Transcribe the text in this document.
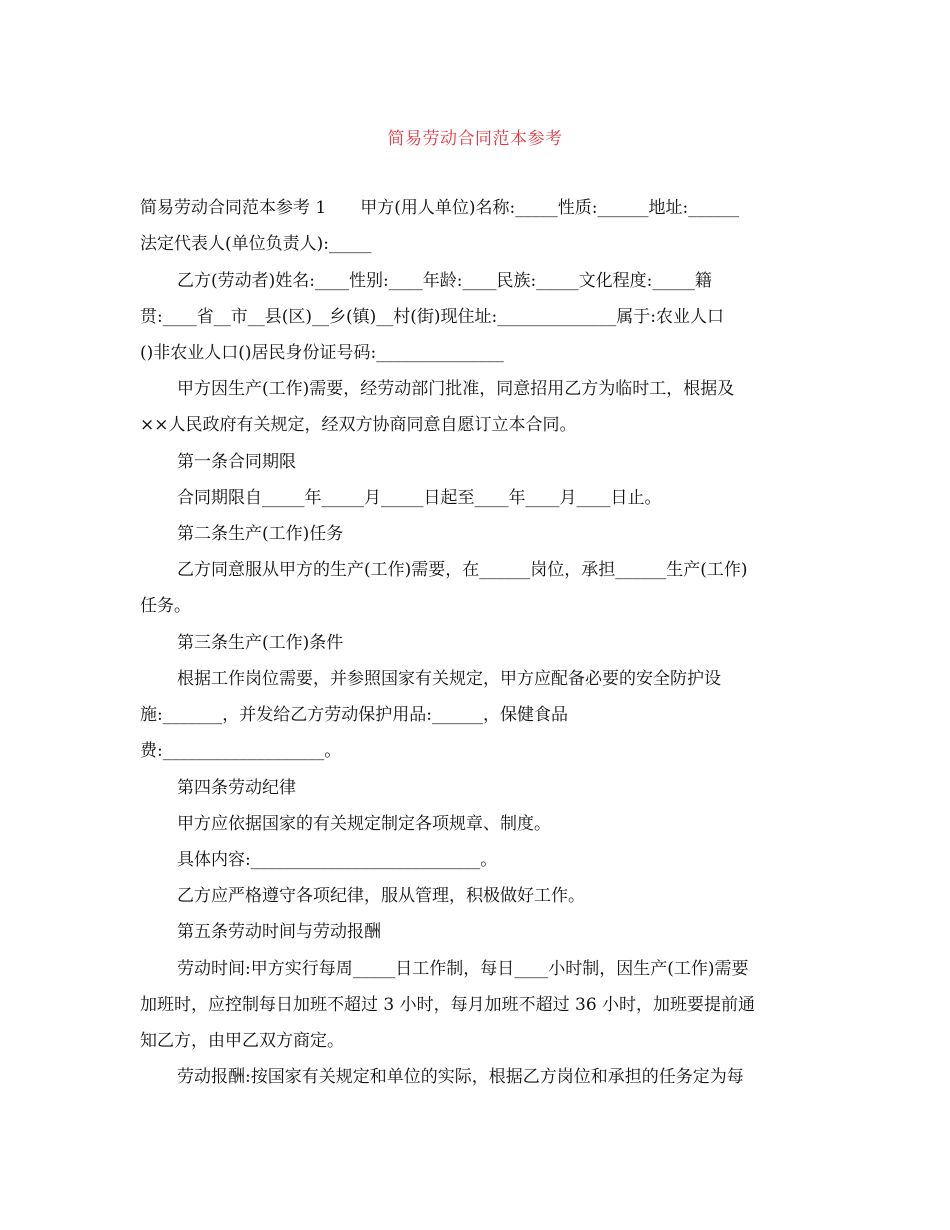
简易劳动合同范本参考
简易劳动合同范本参考 1　　甲方(用人单位)名称:_____性质:______地址:______
法定代表人(单位负责人):_____
乙方(劳动者)姓名:____性别:____年龄:____民族:_____文化程度:_____籍
贯:____省__市__县(区)__乡(镇)__村(街)现住址:______________属于:农业人口
()非农业人口()居民身份证号码:_______________
甲方因生产(工作)需要，经劳动部门批准，同意招用乙方为临时工，根据及
××人民政府有关规定，经双方协商同意自愿订立本合同。
第一条合同期限
合同期限自_____年_____月_____日起至____年____月____日止。
第二条生产(工作)任务
乙方同意服从甲方的生产(工作)需要，在______岗位，承担______生产(工作)
任务。
第三条生产(工作)条件
根据工作岗位需要，并参照国家有关规定，甲方应配备必要的安全防护设
施:_______，并发给乙方劳动保护用品:______，保健食品
费:___________________。
第四条劳动纪律
甲方应依据国家的有关规定制定各项规章、制度。
具体内容:___________________________。
乙方应严格遵守各项纪律，服从管理，积极做好工作。
第五条劳动时间与劳动报酬
劳动时间:甲方实行每周_____日工作制，每日____小时制，因生产(工作)需要
加班时，应控制每日加班不超过 3 小时，每月加班不超过 36 小时，加班要提前通
知乙方，由甲乙双方商定。
劳动报酬:按国家有关规定和单位的实际，根据乙方岗位和承担的任务定为每
